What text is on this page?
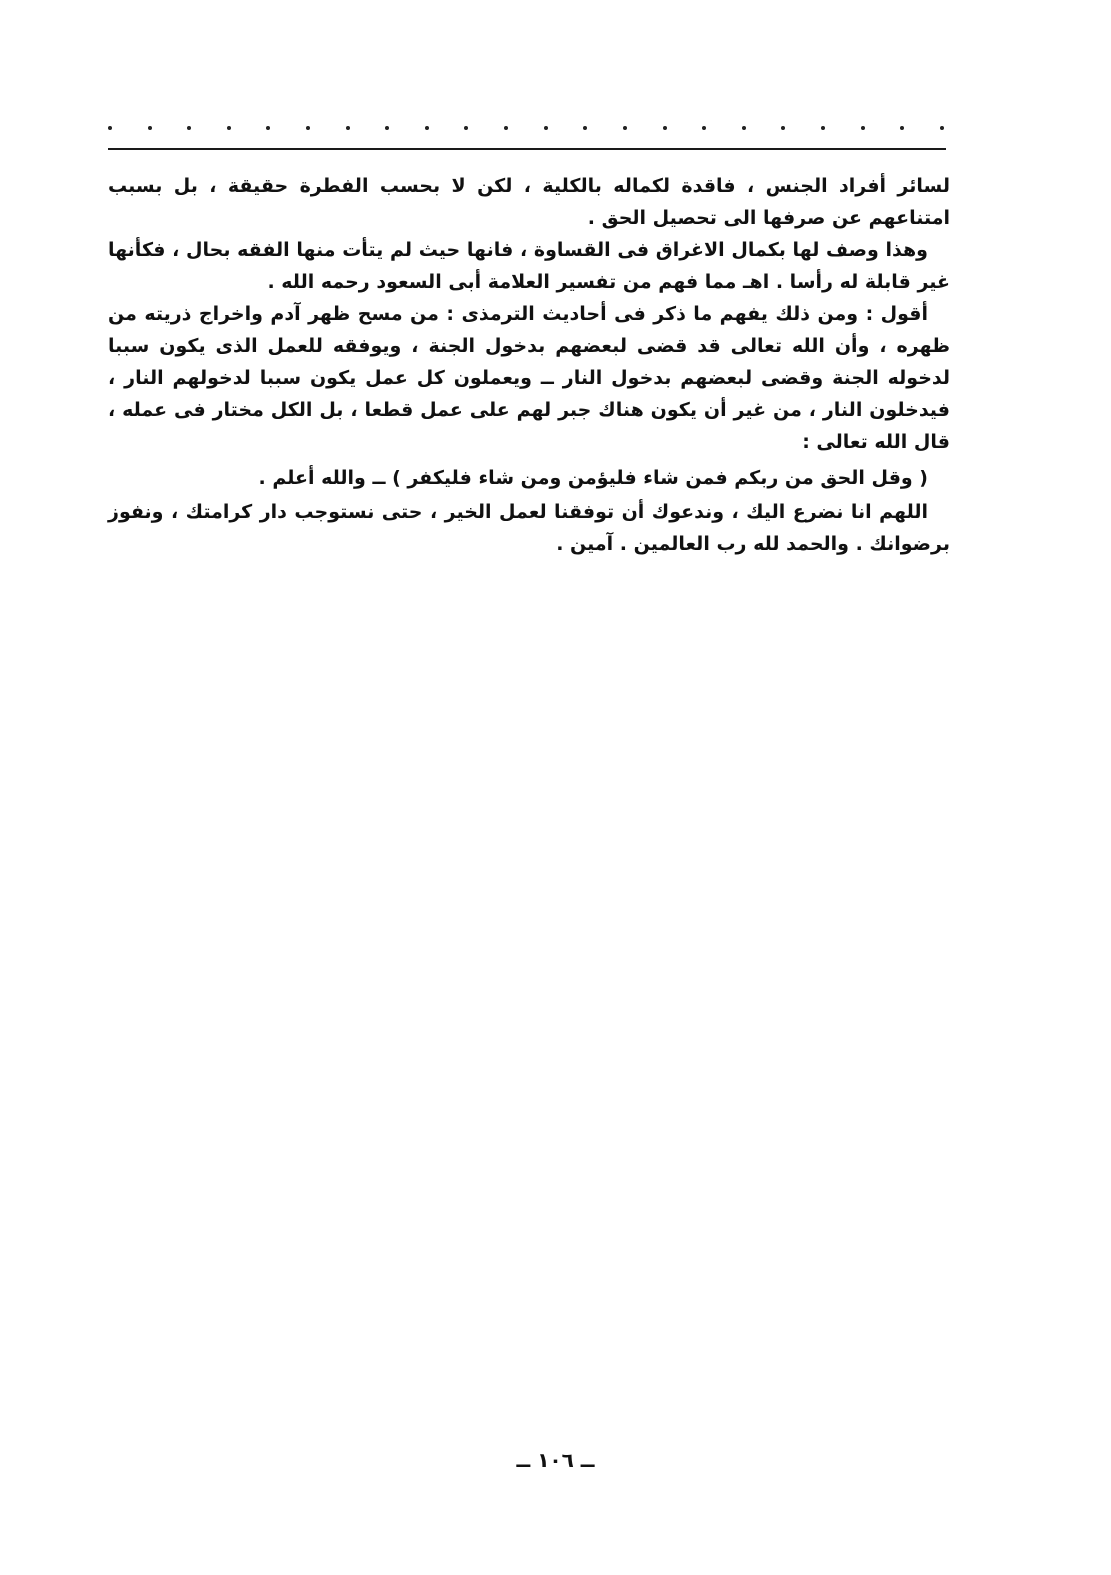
لسائر أفراد الجنس ، فاقدة لكماله بالكلية ، لكن لا بحسب الفطرة حقيقة ، بل بسبب امتناعهم عن صرفها الى تحصيل الحق .

وهذا وصف لها بكمال الاغراق فى القساوة ، فانها حيث لم يتأت منها الفقه بحال ، فكأنها غير قابلة له رأسا . اهـ مما فهم من تفسير العلامة أبى السعود رحمه الله .

أقول : ومن ذلك يفهم ما ذكر فى أحاديث الترمذى : من مسح ظهر آدم واخراج ذريته من ظهره ، وأن الله تعالى قد قضى لبعضهم بدخول الجنة ، ويوفقه للعمل الذى يكون سببا لدخوله الجنة وقضى لبعضهم بدخول النار ــ ويعملون كل عمل يكون سببا لدخولهم النار ، فيدخلون النار ، من غير أن يكون هناك جبر لهم على عمل قطعا ، بل الكل مختار فى عمله ، قال الله تعالى :

( وقل الحق من ربكم فمن شاء فليؤمن ومن شاء فليكفر ) ــ والله أعلم .

اللهم انا نضرع اليك ، وندعوك أن توفقنا لعمل الخير ، حتى نستوجب دار كرامتك ، ونفوز برضوانك . والحمد لله رب العالمين . آمين .

ــ ١٠٦ ــ
